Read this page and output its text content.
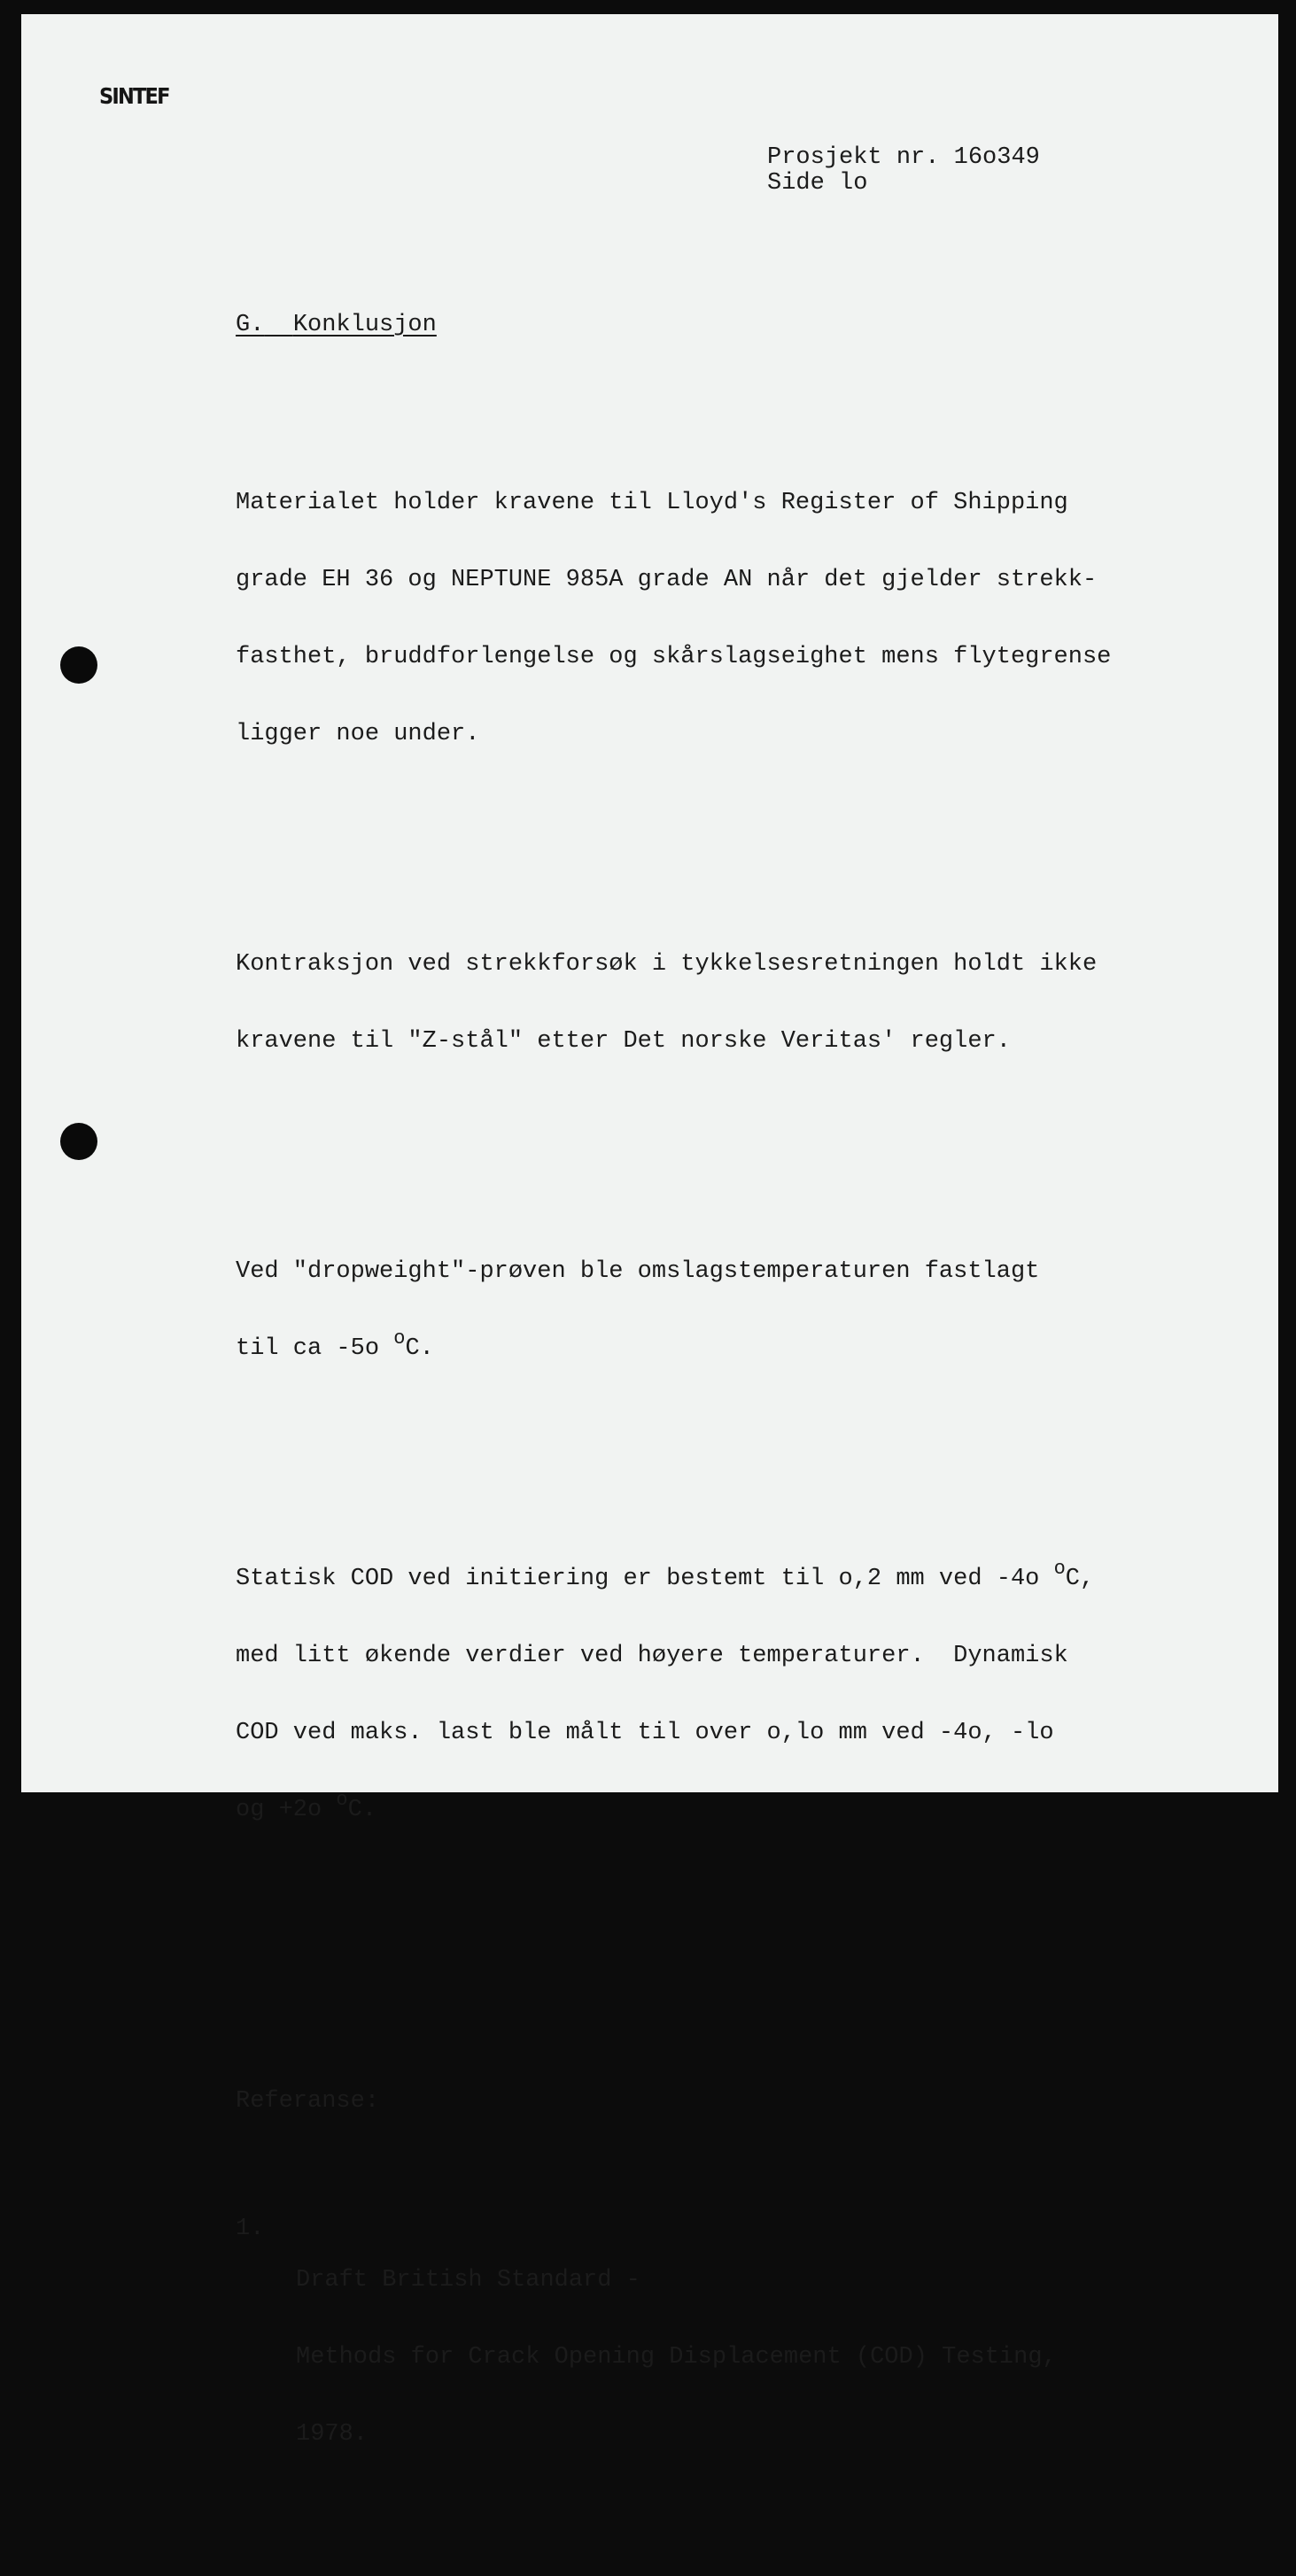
SINTEF
Prosjekt nr. 16o349
Side lo

G. Konklusjon

Materialet holder kravene til Lloyd's Register of Shipping

grade EH 36 og NEPTUNE 985A grade AN når det gjelder strekk-

fasthet, bruddforlengelse og skårslagseighet mens flytegrense

ligger noe under.

Kontraksjon ved strekkforsøk i tykkelsesretningen holdt ikke

kravene til "Z-stål" etter Det norske Veritas' regler.

Ved "dropweight"-prøven ble omslagstemperaturen fastlagt

til ca -5o $^o$C.

Statisk COD ved initiering er bestemt til o,2 mm ved -4o $^o$C,

med litt økende verdier ved høyere temperaturer.  Dynamisk

COD ved maks. last ble målt til over o,lo mm ved -4o, -lo

og +2o $^o$C.

Referanse:

1.

Draft British Standard -

Methods for Crack Opening Displacement (COD) Testing,

1978.
